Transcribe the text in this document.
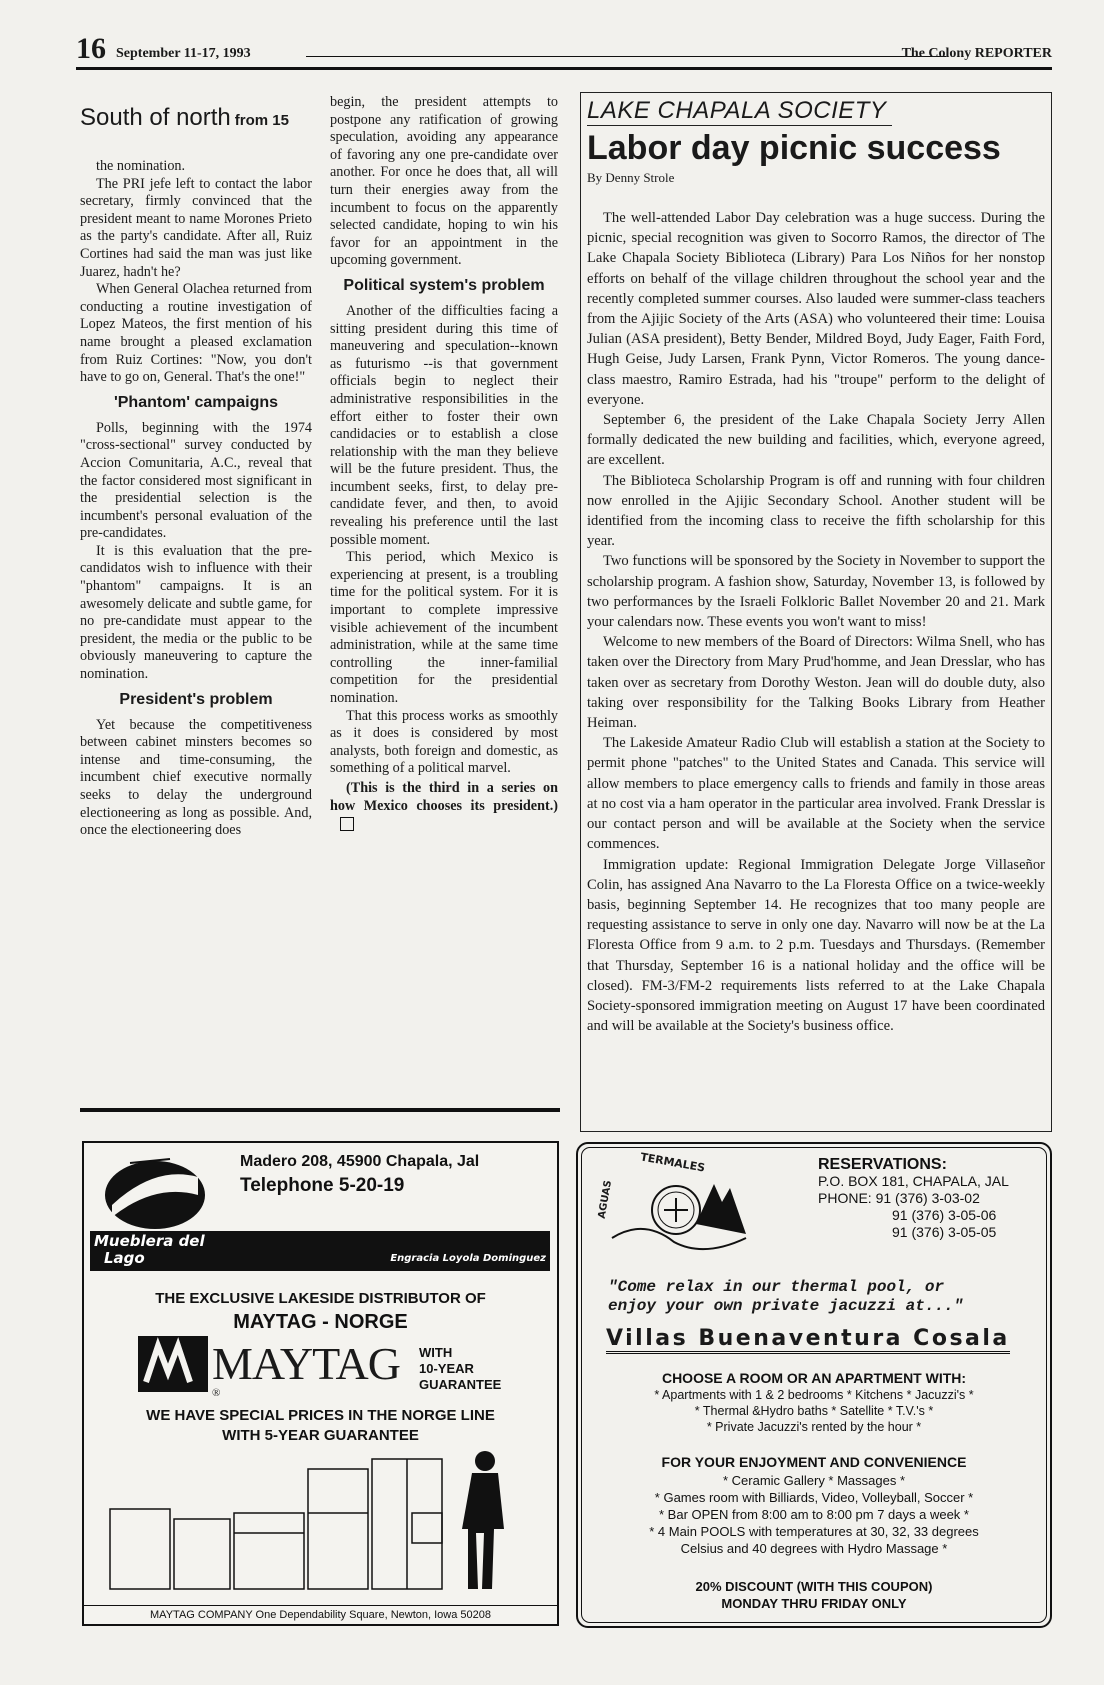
16 September 11-17, 1993	The Colony REPORTER
South of north from 15

the nomination.

The PRI jefe left to contact the labor secretary, firmly convinced that the president meant to name Morones Prieto as the party's candidate. After all, Ruiz Cortines had said the man was just like Juarez, hadn't he?

When General Olachea returned from conducting a routine investigation of Lopez Mateos, the first mention of his name brought a pleased exclamation from Ruiz Cortines: "Now, you don't have to go on, General. That's the one!"

'Phantom' campaigns

Polls, beginning with the 1974 "cross-sectional" survey conducted by Accion Comunitaria, A.C., reveal that the factor considered most significant in the presidential selection is the incumbent's personal evaluation of the pre-candidates.

It is this evaluation that the pre-candidatos wish to influence with their "phantom" campaigns. It is an awesomely delicate and subtle game, for no pre-candidate must appear to the president, the media or the public to be obviously maneuvering to capture the nomination.

President's problem

Yet because the competitiveness between cabinet minsters becomes so intense and time-consuming, the incumbent chief executive normally seeks to delay the underground electioneering as long as possible. And, once the electioneering does

begin, the president attempts to postpone any ratification of growing speculation, avoiding any appearance of favoring any one pre-candidate over another. For once he does that, all will turn their energies away from the incumbent to focus on the apparently selected candidate, hoping to win his favor for an appointment in the upcoming government.

Political system's problem

Another of the difficulties facing a sitting president during this time of maneuvering and speculation--known as futurismo --is that government officials begin to neglect their administrative responsibilities in the effort either to foster their own candidacies or to establish a close relationship with the man they believe will be the future president. Thus, the incumbent seeks, first, to delay pre-candidate fever, and then, to avoid revealing his preference until the last possible moment.

This period, which Mexico is experiencing at present, is a troubling time for the political system. For it is important to complete impressive visible achievement of the incumbent administration, while at the same time controlling the inner-familial competition for the presidential nomination.

That this process works as smoothly as it does is considered by most analysts, both foreign and domestic, as something of a political marvel.

(This is the third in a series on how Mexico chooses its president.)

LAKE CHAPALA SOCIETY
Labor day picnic success
By Denny Strole

The well-attended Labor Day celebration was a huge success. During the picnic, special recognition was given to Socorro Ramos, the director of The Lake Chapala Society Biblioteca (Library) Para Los Niños for her nonstop efforts on behalf of the village children throughout the school year and the recently completed summer courses. Also lauded were summer-class teachers from the Ajijic Society of the Arts (ASA) who volunteered their time: Louisa Julian (ASA president), Betty Bender, Mildred Boyd, Judy Eager, Faith Ford, Hugh Geise, Judy Larsen, Frank Pynn, Victor Romeros. The young dance-class maestro, Ramiro Estrada, had his "troupe" perform to the delight of everyone.

September 6, the president of the Lake Chapala Society Jerry Allen formally dedicated the new building and facilities, which, everyone agreed, are excellent.

The Biblioteca Scholarship Program is off and running with four children now enrolled in the Ajijic Secondary School. Another student will be identified from the incoming class to receive the fifth scholarship for this year.

Two functions will be sponsored by the Society in November to support the scholarship program. A fashion show, Saturday, November 13, is followed by two performances by the Israeli Folkloric Ballet November 20 and 21. Mark your calendars now. These events you won't want to miss!

Welcome to new members of the Board of Directors: Wilma Snell, who has taken over the Directory from Mary Prud'homme, and Jean Dresslar, who has taken over as secretary from Dorothy Weston. Jean will do double duty, also taking over responsibility for the Talking Books Library from Heather Heiman.

The Lakeside Amateur Radio Club will establish a station at the Society to permit phone "patches" to the United States and Canada. This service will allow members to place emergency calls to friends and family in those areas at no cost via a ham operator in the particular area involved. Frank Dresslar is our contact person and will be available at the Society when the service commences.

Immigration update: Regional Immigration Delegate Jorge Villaseñor Colin, has assigned Ana Navarro to the La Floresta Office on a twice-weekly basis, beginning September 14. He recognizes that too many people are requesting assistance to serve in only one day. Navarro will now be at the La Floresta Office from 9 a.m. to 2 p.m. Tuesdays and Thursdays. (Remember that Thursday, September 16 is a national holiday and the office will be closed). FM-3/FM-2 requirements lists referred to at the Lake Chapala Society-sponsored immigration meeting on August 17 have been coordinated and will be available at the Society's business office.

Mueblera del
Lago	Engracia Loyola Dominguez
Madero 208, 45900 Chapala, Jal
Telephone 5-20-19
THE EXCLUSIVE LAKESIDE DISTRIBUTOR OF
MAYTAG - NORGE
MAYTAG
®
WITH
10-YEAR
GUARANTEE
WE HAVE SPECIAL PRICES IN THE NORGE LINE
WITH 5-YEAR GUARANTEE
MAYTAG COMPANY One Dependability Square, Newton, Iowa 50208
TERMALES
AGUAS
RESERVATIONS:
P.O. BOX 181, CHAPALA, JAL
PHONE: 91 (376) 3-03-02
91 (376) 3-05-06
91 (376) 3-05-05
"Come relax in our thermal pool, or
enjoy your own private jacuzzi at..."
Villas Buenaventura Cosala
CHOOSE A ROOM OR AN APARTMENT WITH:
* Apartments with 1 & 2 bedrooms * Kitchens * Jacuzzi's *
* Thermal &Hydro baths * Satellite * T.V.'s *
* Private Jacuzzi's rented by the hour *
FOR YOUR ENJOYMENT AND CONVENIENCE
* Ceramic Gallery * Massages *
* Games room with Billiards, Video, Volleyball, Soccer *
* Bar OPEN from 8:00 am to 8:00 pm 7 days a week *
* 4 Main POOLS with temperatures at 30, 32, 33 degrees
Celsius and 40 degrees with Hydro Massage *
20% DISCOUNT (WITH THIS COUPON)
MONDAY THRU FRIDAY ONLY
